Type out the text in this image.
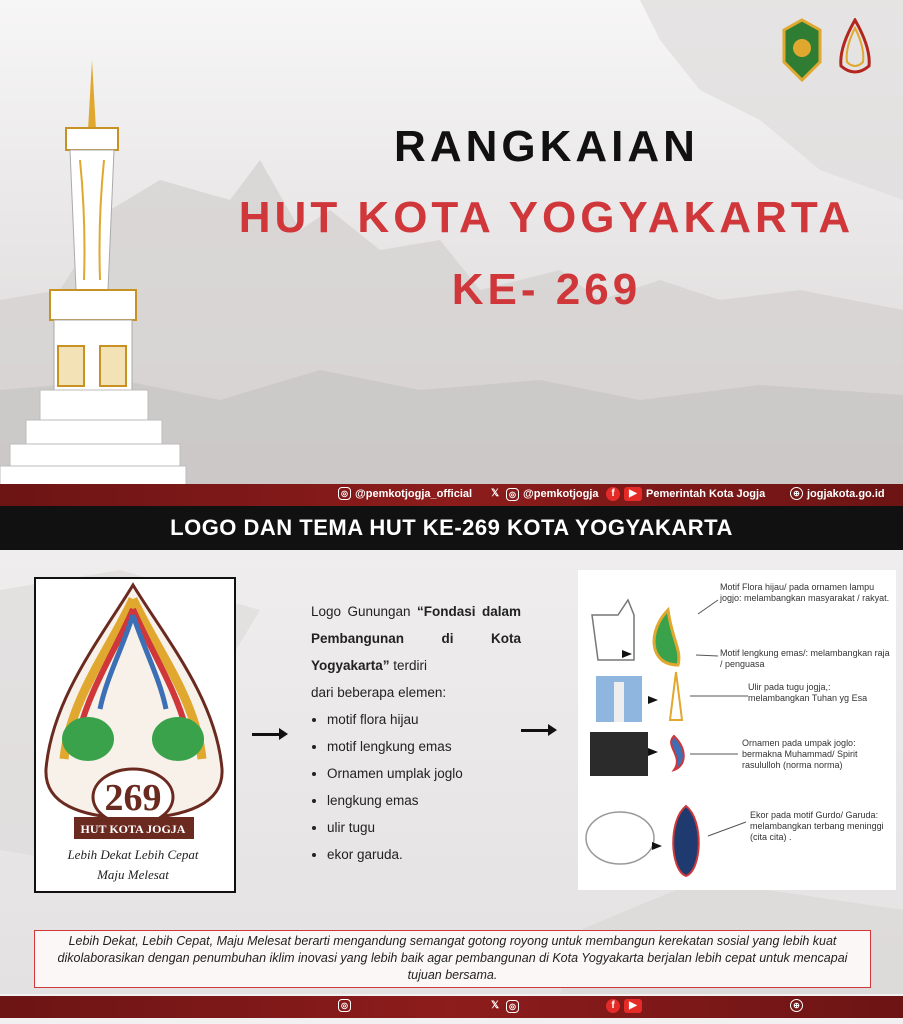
RANGKAIAN
HUT KOTA YOGYAKARTA
KE- 269
◎ @pemkotjogja_official 𝕏	◎ @pemkotjogja	f	▶ Pemerintah Kota Jogja	⊕ jogjakota.go.id
LOGO DAN TEMA HUT KE-269 KOTA YOGYAKARTA
269
HUT KOTA JOGJA
Lebih Dekat Lebih Cepat
Maju Melesat
Logo Gunungan “Fondasi dalam Pembangunan di Kota Yogyakarta” terdiri
dari beberapa elemen:
• motif flora hijau
• motif lengkung emas
• Ornamen umplak joglo
• lengkung emas
• ulir tugu
• ekor garuda.
Motif Flora hijau/ pada ornamen lampu jogjo: melambangkan masyarakat / rakyat.
Motif lengkung emas/: melambangkan raja / penguasa
Ulir pada tugu jogja,: melambangkan Tuhan yg Esa
Ornamen pada umpak joglo: bermakna Muhammad/ Spirit rasululloh (norma norma)
Ekor pada motif Gurdo/ Garuda: melambangkan terbang meninggi (cita cita) .
Lebih Dekat, Lebih Cepat, Maju Melesat berarti mengandung semangat gotong royong untuk membangun kerekatan sosial yang lebih kuat dikolaborasikan dengan penumbuhan iklim inovasi yang lebih baik agar pembangunan di Kota Yogyakarta berjalan lebih cepat untuk mencapai tujuan bersama.
◎	𝕏	◎	f	▶	⊕
